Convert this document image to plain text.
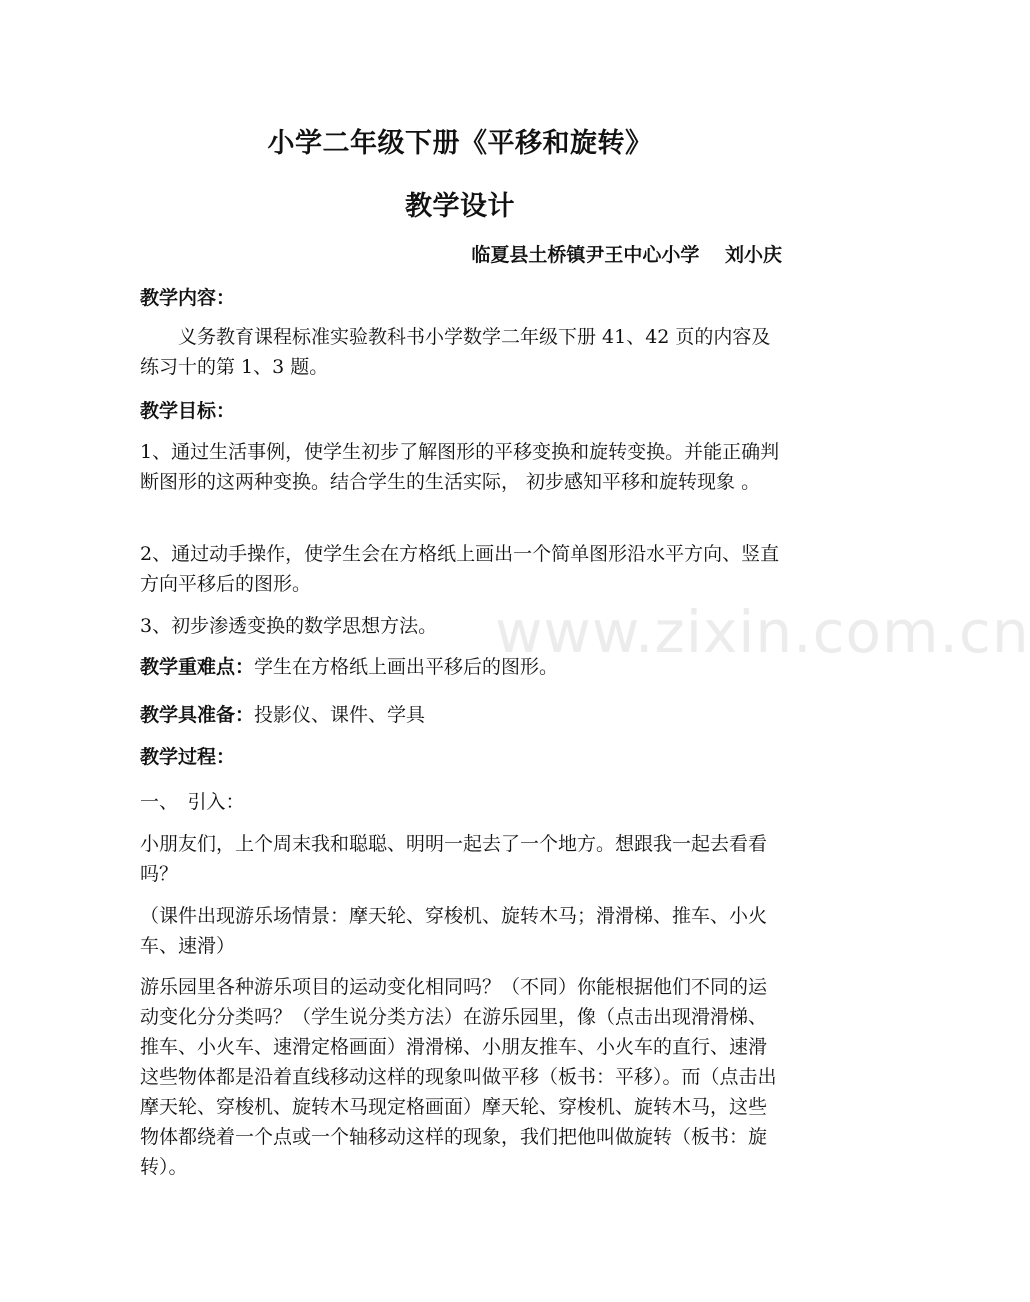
小学二年级下册《平移和旋转》
教学设计
临夏县土桥镇尹王中心小学　 刘小庆

教学内容：

义务教育课程标准实验教科书小学数学二年级下册 41、42 页的内容及练习十的第 1、3 题。

教学目标：

1、通过生活事例，使学生初步了解图形的平移变换和旋转变换。并能正确判断图形的这两种变换。结合学生的生活实际， 初步感知平移和旋转现象 。

2、通过动手操作，使学生会在方格纸上画出一个简单图形沿水平方向、竖直方向平移后的图形。

3、初步渗透变换的数学思想方法。

教学重难点：学生在方格纸上画出平移后的图形。

教学具准备：投影仪、课件、学具

教学过程：

一、　引入：

小朋友们，上个周末我和聪聪、明明一起去了一个地方。想跟我一起去看看吗？

（课件出现游乐场情景：摩天轮、穿梭机、旋转木马；滑滑梯、推车、小火车、速滑）

游乐园里各种游乐项目的运动变化相同吗？（不同）你能根据他们不同的运动变化分分类吗？（学生说分类方法）在游乐园里，像（点击出现滑滑梯、推车、小火车、速滑定格画面）滑滑梯、小朋友推车、小火车的直行、速滑这些物体都是沿着直线移动这样的现象叫做平移（板书：平移）。而（点击出摩天轮、穿梭机、旋转木马现定格画面）摩天轮、穿梭机、旋转木马，这些物体都绕着一个点或一个轴移动这样的现象，我们把他叫做旋转（板书：旋转）。

www.zixin.com.cn
